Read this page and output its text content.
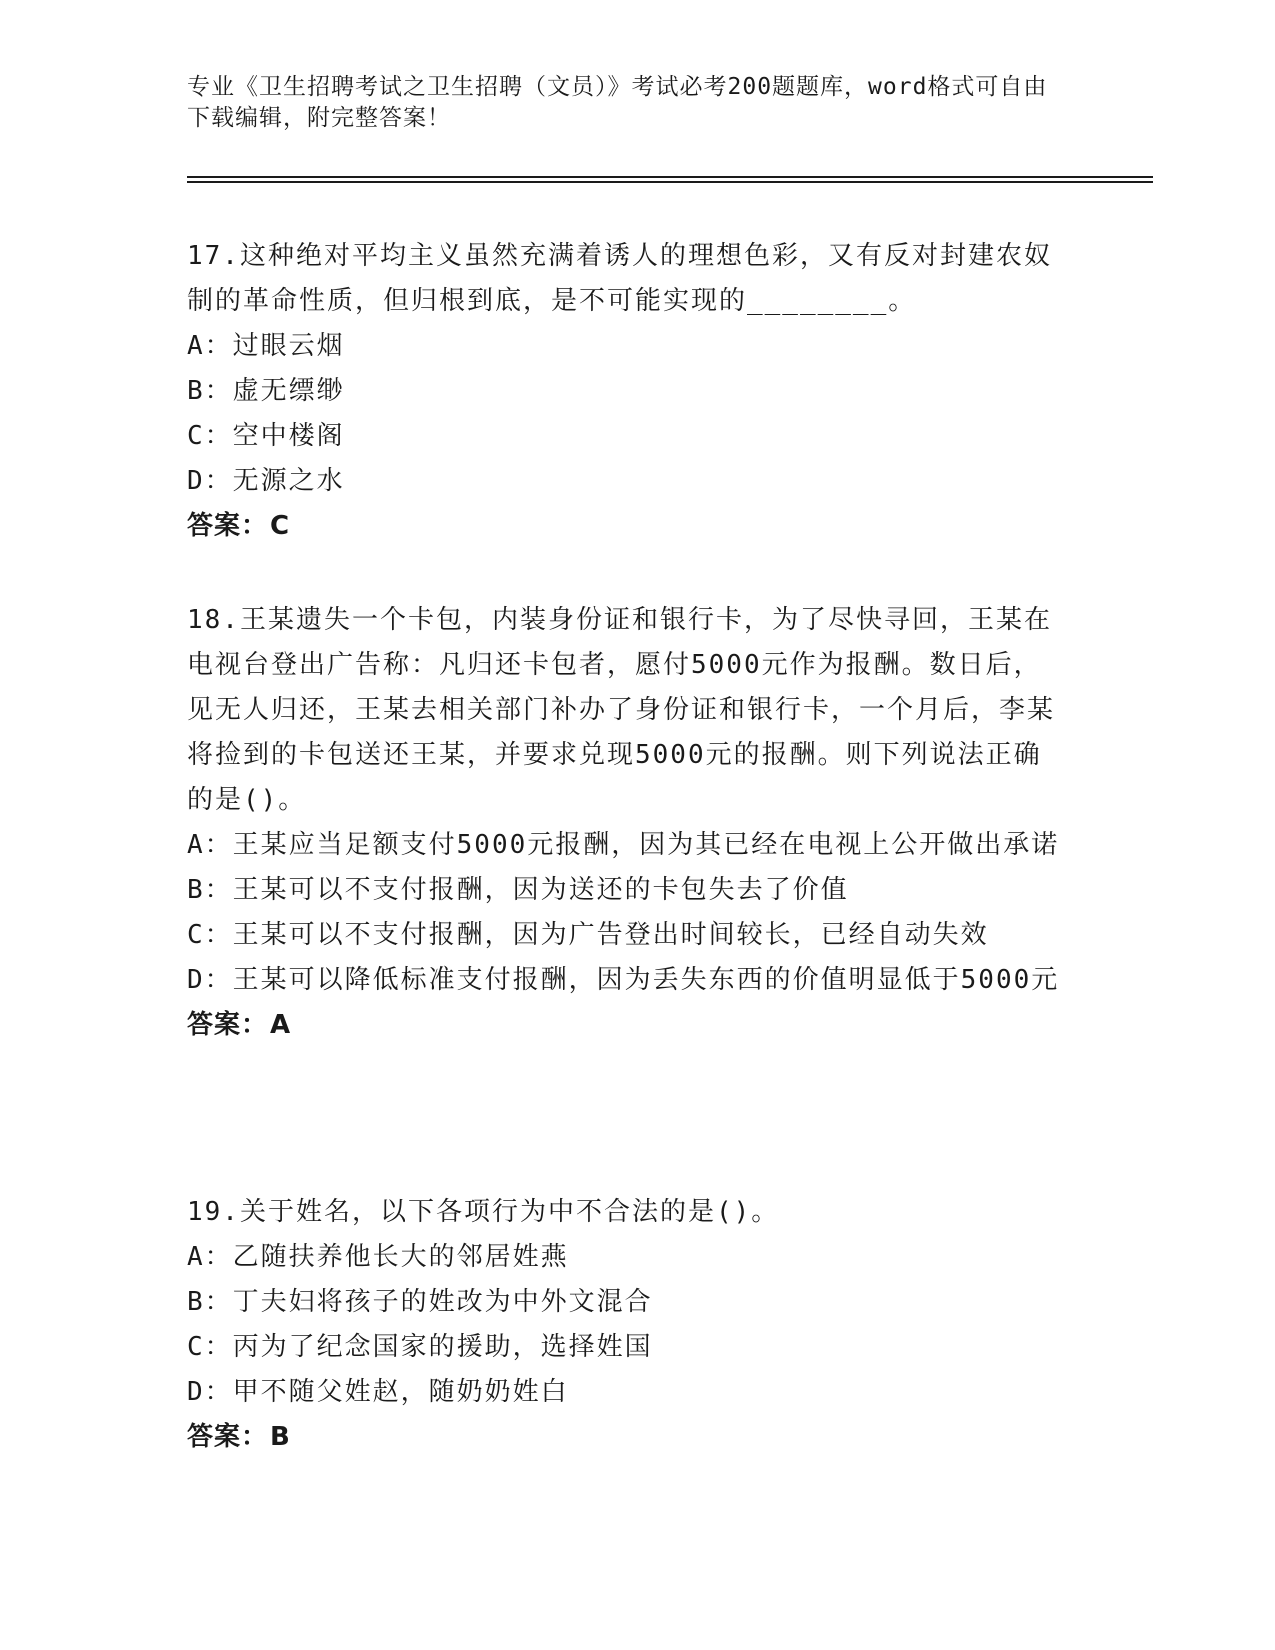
专业《卫生招聘考试之卫生招聘（文员）》考试必考200题题库，word格式可自由下载编辑，附完整答案！

17.这种绝对平均主义虽然充满着诱人的理想色彩，又有反对封建农奴制的革命性质，但归根到底，是不可能实现的________。

A：过眼云烟

B：虚无缥缈

C：空中楼阁

D：无源之水

答案：C

18.王某遗失一个卡包，内装身份证和银行卡，为了尽快寻回，王某在电视台登出广告称：凡归还卡包者，愿付5000元作为报酬。数日后，见无人归还，王某去相关部门补办了身份证和银行卡，一个月后，李某将捡到的卡包送还王某，并要求兑现5000元的报酬。则下列说法正确的是()。

A：王某应当足额支付5000元报酬，因为其已经在电视上公开做出承诺

B：王某可以不支付报酬，因为送还的卡包失去了价值

C：王某可以不支付报酬，因为广告登出时间较长，已经自动失效

D：王某可以降低标准支付报酬，因为丢失东西的价值明显低于5000元

答案：A

19.关于姓名，以下各项行为中不合法的是()。

A：乙随扶养他长大的邻居姓燕

B：丁夫妇将孩子的姓改为中外文混合

C：丙为了纪念国家的援助，选择姓国

D：甲不随父姓赵，随奶奶姓白

答案：B
